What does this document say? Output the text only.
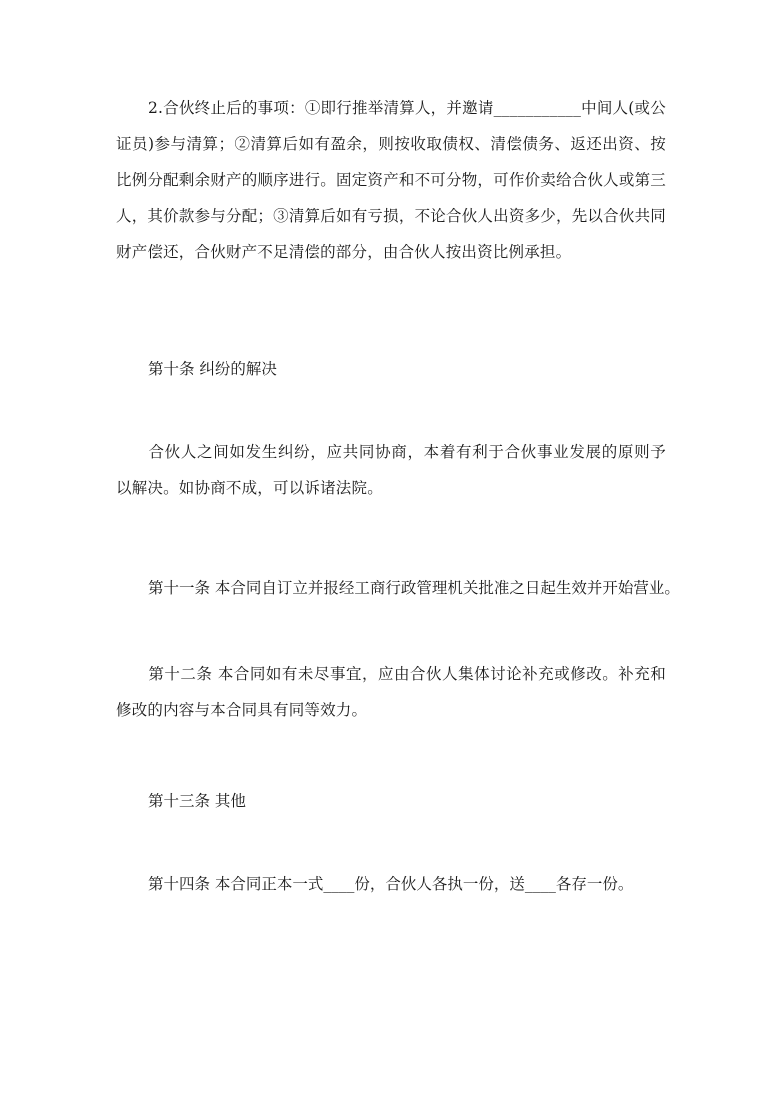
2.合伙终止后的事项：①即行推举清算人，并邀请___________中间人(或公证员)参与清算；②清算后如有盈余，则按收取债权、清偿债务、返还出资、按比例分配剩余财产的顺序进行。固定资产和不可分物，可作价卖给合伙人或第三人，其价款参与分配；③清算后如有亏损，不论合伙人出资多少，先以合伙共同财产偿还，合伙财产不足清偿的部分，由合伙人按出资比例承担。

第十条 纠纷的解决

合伙人之间如发生纠纷，应共同协商，本着有利于合伙事业发展的原则予以解决。如协商不成，可以诉诸法院。

第十一条 本合同自订立并报经工商行政管理机关批准之日起生效并开始营业。

第十二条 本合同如有未尽事宜，应由合伙人集体讨论补充或修改。补充和修改的内容与本合同具有同等效力。

第十三条 其他

第十四条 本合同正本一式____份，合伙人各执一份，送____各存一份。
